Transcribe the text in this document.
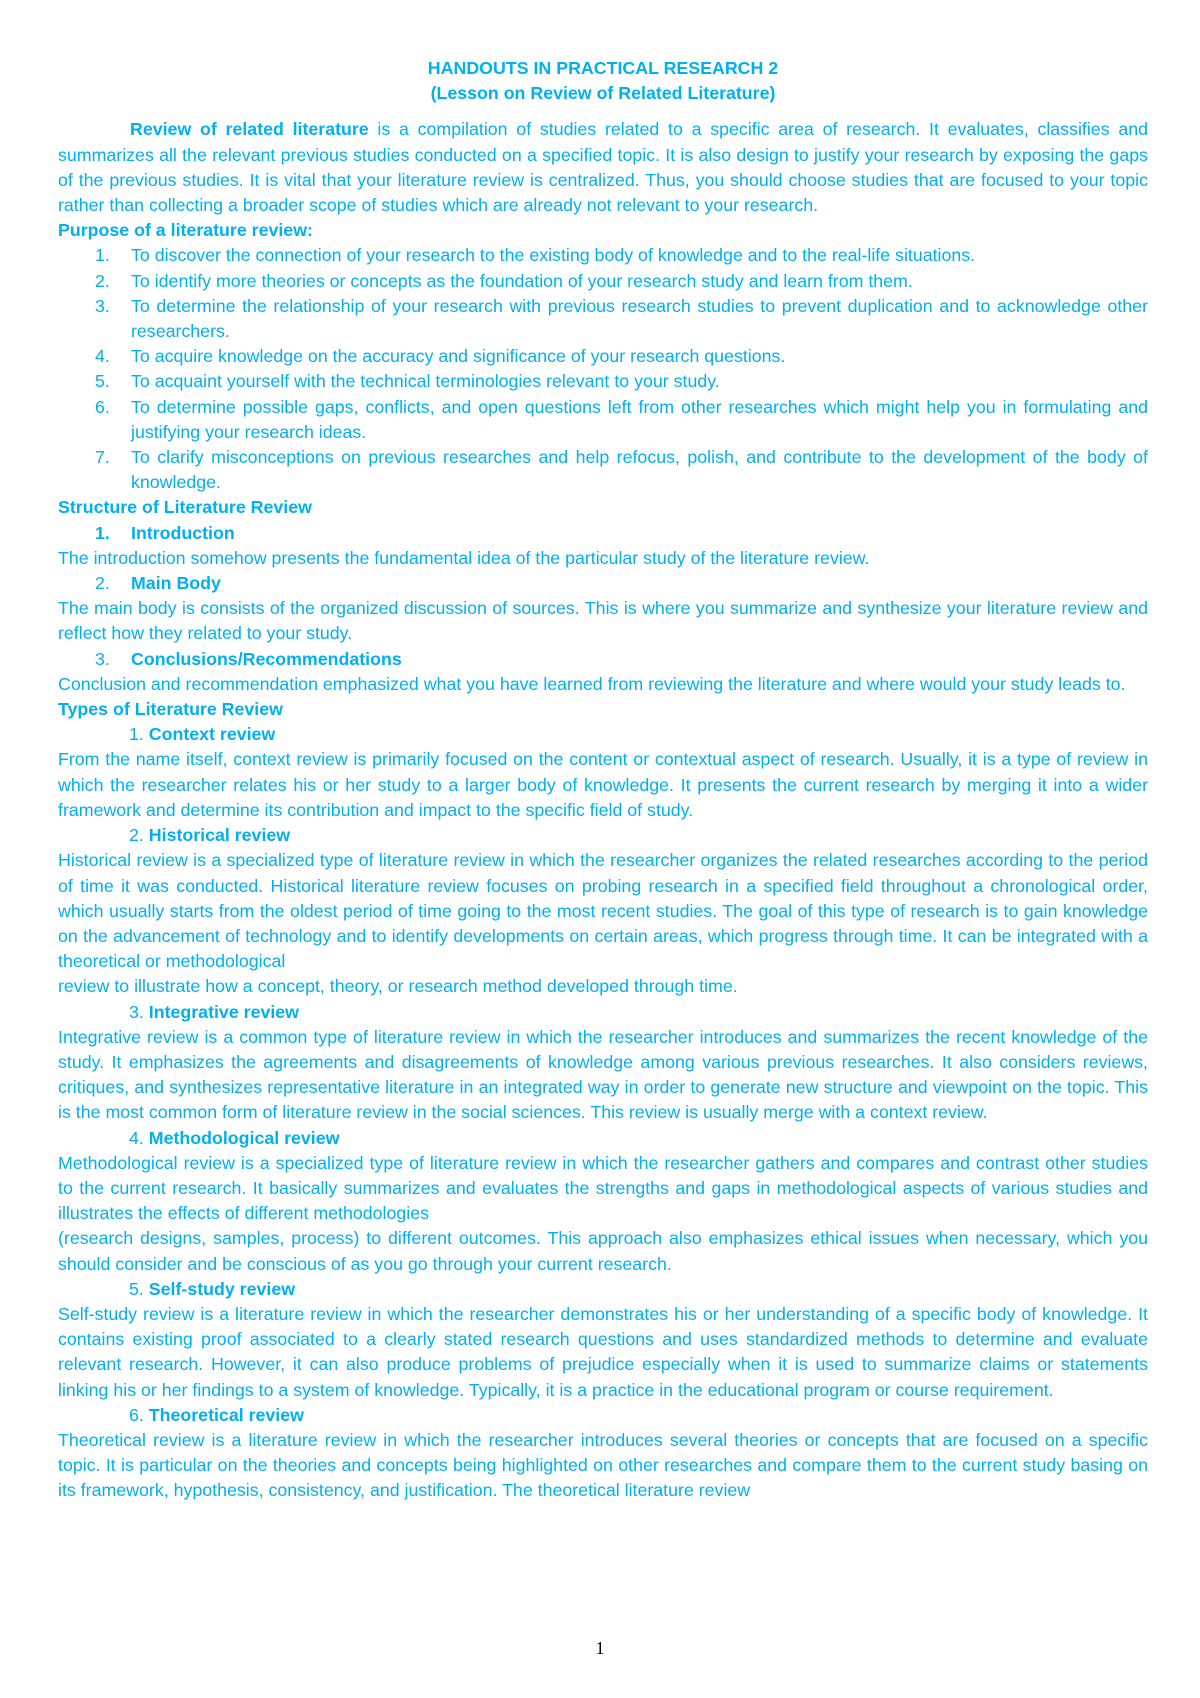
HANDOUTS IN PRACTICAL RESEARCH 2

(Lesson on Review of Related Literature)

Review of related literature is a compilation of studies related to a specific area of research. It evaluates, classifies and summarizes all the relevant previous studies conducted on a specified topic. It is also design to justify your research by exposing the gaps of the previous studies. It is vital that your literature review is centralized. Thus, you should choose studies that are focused to your topic rather than collecting a broader scope of studies which are already not relevant to your research.

Purpose of a literature review:

1. To discover the connection of your research to the existing body of knowledge and to the real-life situations.
2. To identify more theories or concepts as the foundation of your research study and learn from them.
3. To determine the relationship of your research with previous research studies to prevent duplication and to acknowledge other researchers.
4. To acquire knowledge on the accuracy and significance of your research questions.
5. To acquaint yourself with the technical terminologies relevant to your study.
6. To determine possible gaps, conflicts, and open questions left from other researches which might help you in formulating and justifying your research ideas.
7. To clarify misconceptions on previous researches and help refocus, polish, and contribute to the development of the body of knowledge.

Structure of Literature Review

1. Introduction

The introduction somehow presents the fundamental idea of the particular study of the literature review.

2. Main Body

The main body is consists of the organized discussion of sources. This is where you summarize and synthesize your literature review and reflect how they related to your study.

3. Conclusions/Recommendations

Conclusion and recommendation emphasized what you have learned from reviewing the literature and where would your study leads to.

Types of Literature Review

1. Context review

From the name itself, context review is primarily focused on the content or contextual aspect of research. Usually, it is a type of review in which the researcher relates his or her study to a larger body of knowledge. It presents the current research by merging it into a wider framework and determine its contribution and impact to the specific field of study.

2. Historical review

Historical review is a specialized type of literature review in which the researcher organizes the related researches according to the period of time it was conducted. Historical literature review focuses on probing research in a specified field throughout a chronological order, which usually starts from the oldest period of time going to the most recent studies. The goal of this type of research is to gain knowledge on the advancement of technology and to identify developments on certain areas, which progress through time. It can be integrated with a theoretical or methodological

review to illustrate how a concept, theory, or research method developed through time.

3. Integrative review

Integrative review is a common type of literature review in which the researcher introduces and summarizes the recent knowledge of the study. It emphasizes the agreements and disagreements of knowledge among various previous researches. It also considers reviews, critiques, and synthesizes representative literature in an integrated way in order to generate new structure and viewpoint on the topic. This is the most common form of literature review in the social sciences. This review is usually merge with a context review.

4. Methodological review

Methodological review is a specialized type of literature review in which the researcher gathers and compares and contrast other studies to the current research. It basically summarizes and evaluates the strengths and gaps in methodological aspects of various studies and illustrates the effects of different methodologies

(research designs, samples, process) to different outcomes. This approach also emphasizes ethical issues when necessary, which you should consider and be conscious of as you go through your current research.

5. Self-study review

Self-study review is a literature review in which the researcher demonstrates his or her understanding of a specific body of knowledge. It contains existing proof associated to a clearly stated research questions and uses standardized methods to determine and evaluate relevant research. However, it can also produce problems of prejudice especially when it is used to summarize claims or statements linking his or her findings to a system of knowledge. Typically, it is a practice in the educational program or course requirement.

6. Theoretical review

Theoretical review is a literature review in which the researcher introduces several theories or concepts that are focused on a specific topic. It is particular on the theories and concepts being highlighted on other researches and compare them to the current study basing on its framework, hypothesis, consistency, and justification. The theoretical literature review

1
